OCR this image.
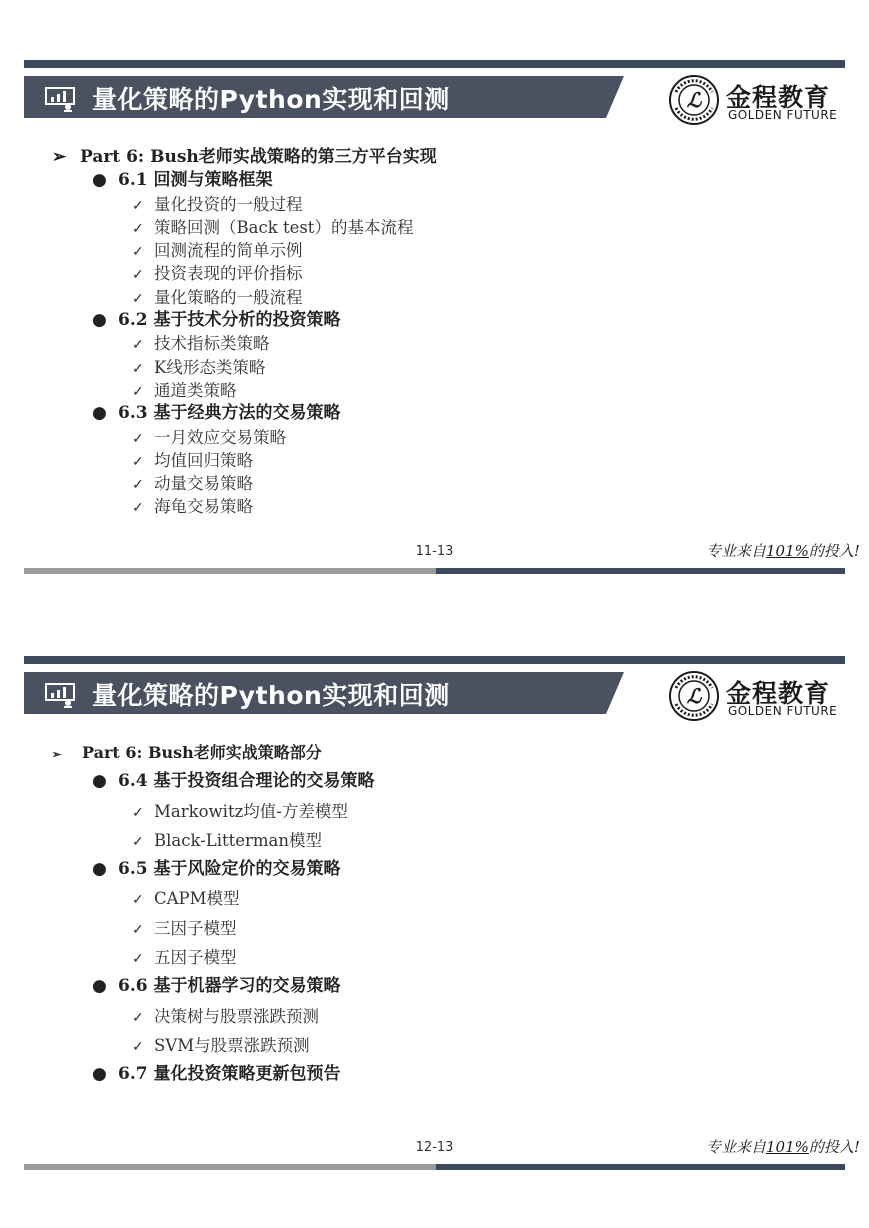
量化策略的Python实现和回测	ℒ 金程教育
GOLDEN FUTURE
➢ Part 6: Bush老师实战策略的第三方平台实现
● 6.1 回测与策略框架
✓ 量化投资的一般过程
✓ 策略回测（Back test）的基本流程
✓ 回测流程的简单示例
✓ 投资表现的评价指标
✓ 量化策略的一般流程
● 6.2 基于技术分析的投资策略
✓ 技术指标类策略
✓ K线形态类策略
✓ 通道类策略
● 6.3 基于经典方法的交易策略
✓ 一月效应交易策略
✓ 均值回归策略
✓ 动量交易策略
✓ 海龟交易策略
11-13	专业来自101%的投入!
量化策略的Python实现和回测	ℒ 金程教育
GOLDEN FUTURE
➢ Part 6: Bush老师实战策略部分
● 6.4 基于投资组合理论的交易策略
✓ Markowitz均值-方差模型
✓ Black-Litterman模型
● 6.5 基于风险定价的交易策略
✓ CAPM模型
✓ 三因子模型
✓ 五因子模型
● 6.6 基于机器学习的交易策略
✓ 决策树与股票涨跌预测
✓ SVM与股票涨跌预测
● 6.7 量化投资策略更新包预告
12-13	专业来自101%的投入!
